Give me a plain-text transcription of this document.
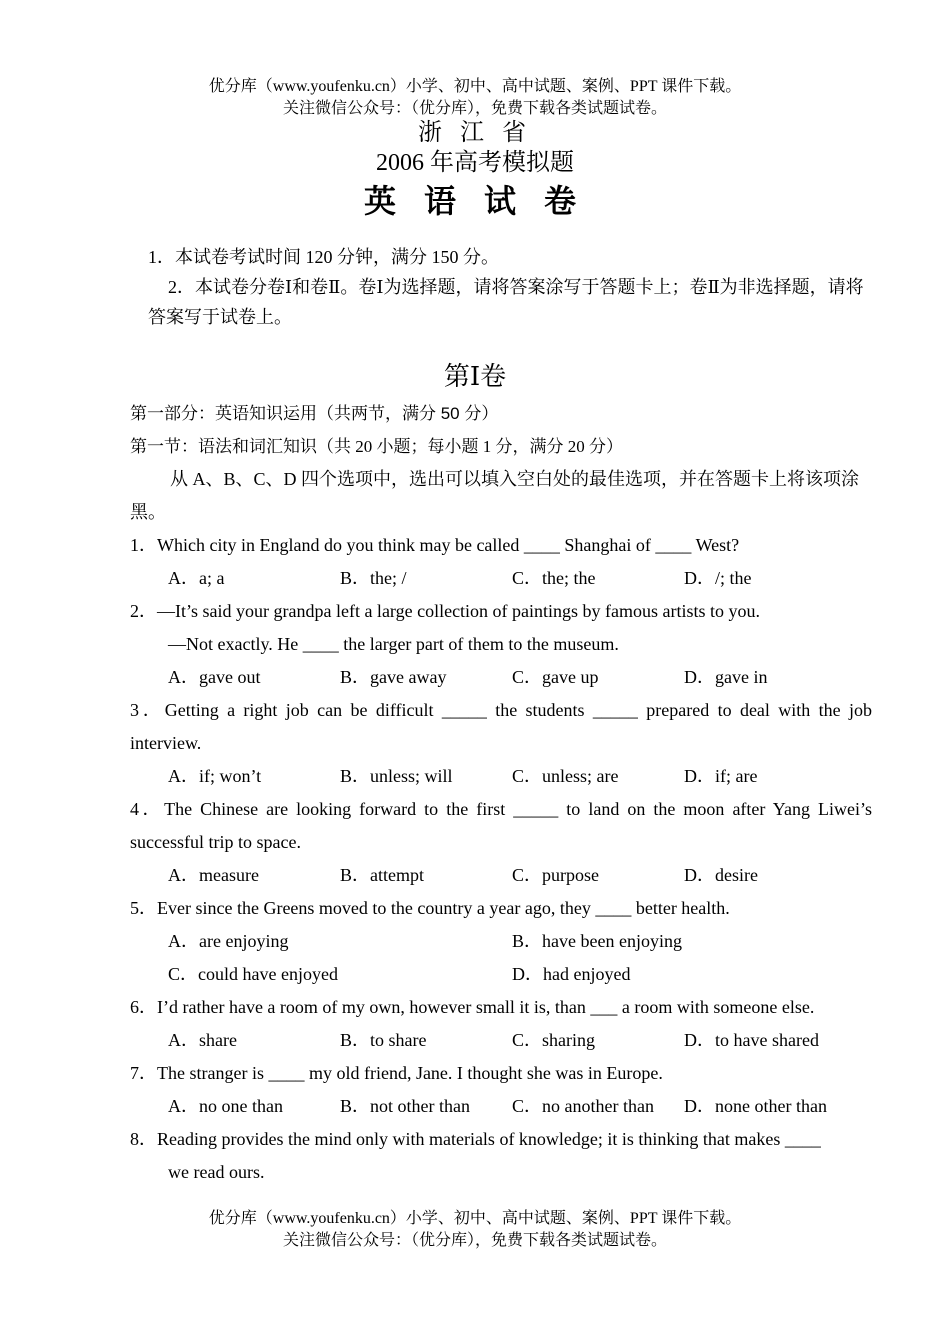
优分库（www.youfenku.cn）小学、初中、高中试题、案例、PPT 课件下载。
关注微信公众号：（优分库），免费下载各类试题试卷。
浙 江 省
2006 年高考模拟题
英 语 试 卷
1．本试卷考试时间 120 分钟，满分 150 分。
2．本试卷分卷Ⅰ和卷Ⅱ。卷Ⅰ为选择题，请将答案涂写于答题卡上；卷Ⅱ为非选择题，请将答案写于试卷上。
第Ⅰ卷
第一部分：英语知识运用（共两节，满分 50 分）
第一节：语法和词汇知识（共 20 小题；每小题 1 分，满分 20 分）
从 A、B、C、D 四个选项中，选出可以填入空白处的最佳选项，并在答题卡上将该项涂黑。
1．Which city in England do you think may be called ____ Shanghai of ____ West?
A．a; a	B．the; /	C．the; the	D．/; the
2．—It’s said your grandpa left a large collection of paintings by famous artists to you.
—Not exactly. He ____ the larger part of them to the museum.
A．gave out	B．gave away	C．gave up	D．gave in
3．Getting a right job can be difficult _____ the students _____ prepared to deal with the job interview.
A．if; won’t	B．unless; will	C．unless; are	D．if; are
4．The Chinese are looking forward to the first _____ to land on the moon after Yang Liwei’s successful trip to space.
A．measure	B．attempt	C．purpose	D．desire
5．Ever since the Greens moved to the country a year ago, they ____ better health.
A．are enjoying	B．have been enjoying
C．could have enjoyed	D．had enjoyed
6．I’d rather have a room of my own, however small it is, than ___ a room with someone else.
A．share	B．to share	C．sharing	D．to have shared
7．The stranger is ____ my old friend, Jane. I thought she was in Europe.
A．no one than	B．not other than	C．no another than	D．none other than
8．Reading provides the mind only with materials of knowledge; it is thinking that makes ____
we read ours.
优分库（www.youfenku.cn）小学、初中、高中试题、案例、PPT 课件下载。
关注微信公众号：（优分库），免费下载各类试题试卷。
